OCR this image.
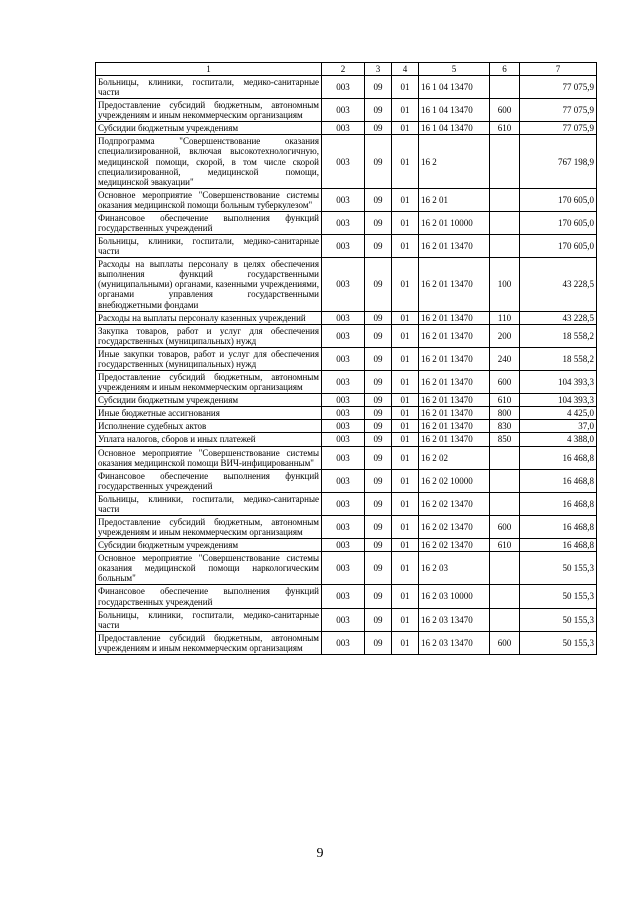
1	2	3	4	5	6	7
Больницы, клиники, госпитали, медико-санитарные части	003	09	01	16 1 04 13470		77 075,9
Предоставление субсидий бюджетным, автономным учреждениям и иным некоммерческим организациям	003	09	01	16 1 04 13470	600	77 075,9
Субсидии бюджетным учреждениям	003	09	01	16 1 04 13470	610	77 075,9
Подпрограмма "Совершенствование оказания специализированной, включая высокотехнологичную, медицинской помощи, скорой, в том числе скорой специализированной, медицинской помощи, медицинской эвакуации"	003	09	01	16 2		767 198,9
Основное мероприятие "Совершенствование системы оказания медицинской помощи больным туберкулезом"	003	09	01	16 2 01		170 605,0
Финансовое обеспечение выполнения функций государственных учреждений	003	09	01	16 2 01 10000		170 605,0
Больницы, клиники, госпитали, медико-санитарные части	003	09	01	16 2 01 13470		170 605,0
Расходы на выплаты персоналу в целях обеспечения выполнения функций государственными (муниципальными) органами, казенными учреждениями, органами управления государственными внебюджетными фондами	003	09	01	16 2 01 13470	100	43 228,5
Расходы на выплаты персоналу казенных учреждений	003	09	01	16 2 01 13470	110	43 228,5
Закупка товаров, работ и услуг для обеспечения государственных (муниципальных) нужд	003	09	01	16 2 01 13470	200	18 558,2
Иные закупки товаров, работ и услуг для обеспечения государственных (муниципальных) нужд	003	09	01	16 2 01 13470	240	18 558,2
Предоставление субсидий бюджетным, автономным учреждениям и иным некоммерческим организациям	003	09	01	16 2 01 13470	600	104 393,3
Субсидии бюджетным учреждениям	003	09	01	16 2 01 13470	610	104 393,3
Иные бюджетные ассигнования	003	09	01	16 2 01 13470	800	4 425,0
Исполнение судебных актов	003	09	01	16 2 01 13470	830	37,0
Уплата налогов, сборов и иных платежей	003	09	01	16 2 01 13470	850	4 388,0
Основное мероприятие "Совершенствование системы оказания медицинской помощи ВИЧ-инфицированным"	003	09	01	16 2 02		16 468,8
Финансовое обеспечение выполнения функций государственных учреждений	003	09	01	16 2 02 10000		16 468,8
Больницы, клиники, госпитали, медико-санитарные части	003	09	01	16 2 02 13470		16 468,8
Предоставление субсидий бюджетным, автономным учреждениям и иным некоммерческим организациям	003	09	01	16 2 02 13470	600	16 468,8
Субсидии бюджетным учреждениям	003	09	01	16 2 02 13470	610	16 468,8
Основное мероприятие "Совершенствование системы оказания медицинской помощи наркологическим больным"	003	09	01	16 2 03		50 155,3
Финансовое обеспечение выполнения функций государственных учреждений	003	09	01	16 2 03 10000		50 155,3
Больницы, клиники, госпитали, медико-санитарные части	003	09	01	16 2 03 13470		50 155,3
Предоставление субсидий бюджетным, автономным учреждениям и иным некоммерческим организациям	003	09	01	16 2 03 13470	600	50 155,3
9
